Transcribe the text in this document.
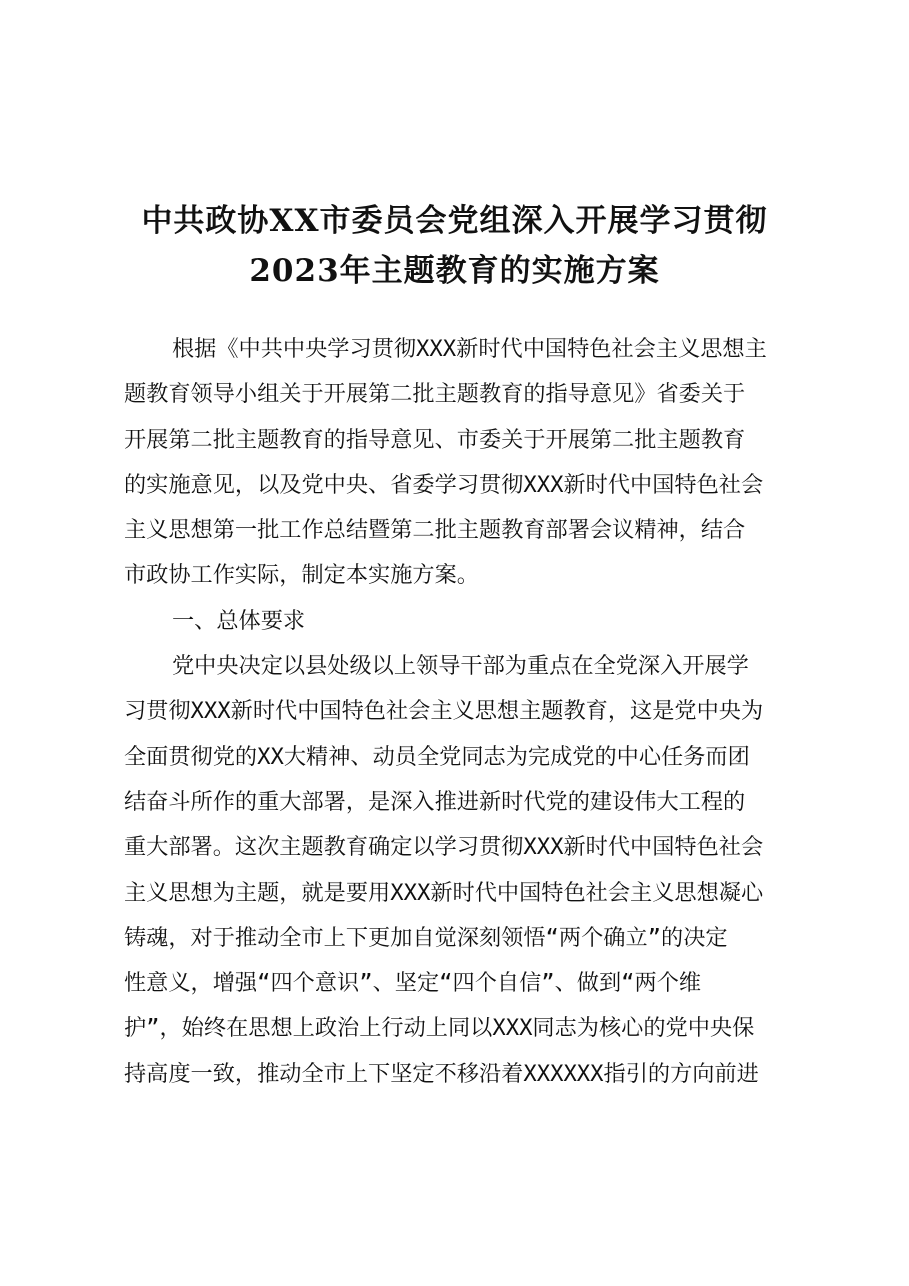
中共政协XX市委员会党组深入开展学习贯彻
2023年主题教育的实施方案
根据《中共中央学习贯彻XXX新时代中国特色社会主义思想主
题教育领导小组关于开展第二批主题教育的指导意见》省委关于
开展第二批主题教育的指导意见、市委关于开展第二批主题教育
的实施意见，以及党中央、省委学习贯彻XXX新时代中国特色社会
主义思想第一批工作总结暨第二批主题教育部署会议精神，结合
市政协工作实际，制定本实施方案。
一、总体要求
党中央决定以县处级以上领导干部为重点在全党深入开展学
习贯彻XXX新时代中国特色社会主义思想主题教育，这是党中央为
全面贯彻党的XX大精神、动员全党同志为完成党的中心任务而团
结奋斗所作的重大部署，是深入推进新时代党的建设伟大工程的
重大部署。这次主题教育确定以学习贯彻XXX新时代中国特色社会
主义思想为主题，就是要用XXX新时代中国特色社会主义思想凝心
铸魂，对于推动全市上下更加自觉深刻领悟“两个确立”的决定
性意义，增强“四个意识”、坚定“四个自信”、做到“两个维
护”，始终在思想上政治上行动上同以XXX同志为核心的党中央保
持高度一致，推动全市上下坚定不移沿着XXXXXX指引的方向前进
